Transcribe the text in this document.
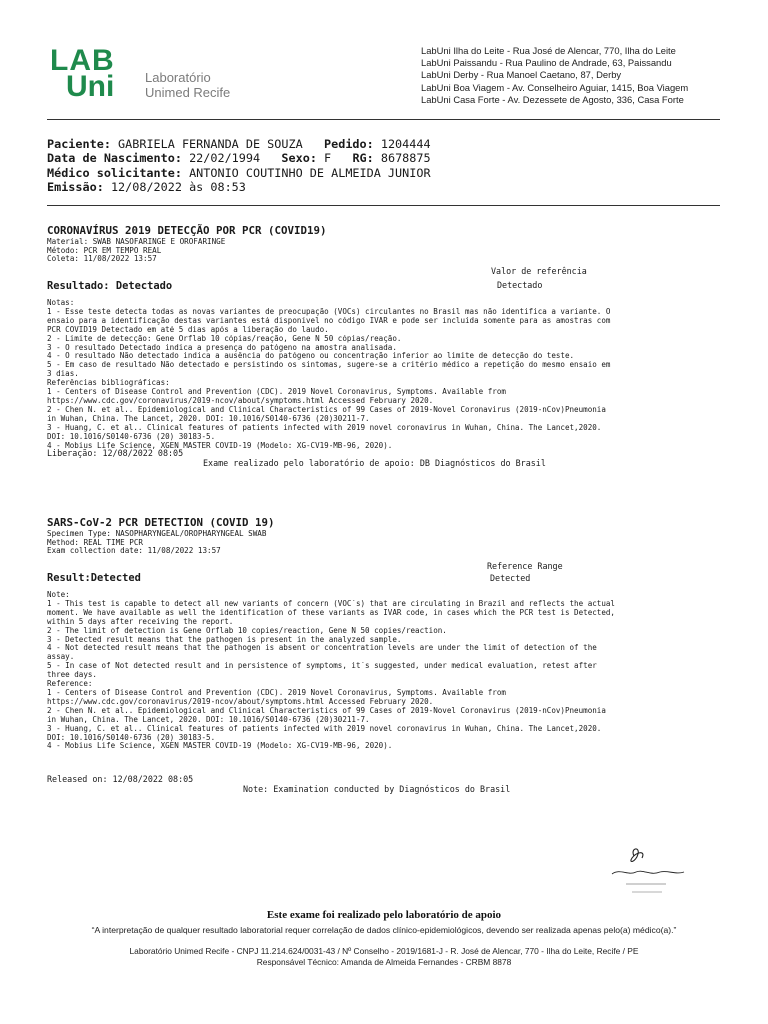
LAB
Uni Laboratório
Unimed Recife
LabUni Ilha do Leite - Rua José de Alencar, 770, Ilha do Leite
LabUni Paissandu - Rua Paulino de Andrade, 63, Paissandu
LabUni Derby - Rua Manoel Caetano, 87, Derby
LabUni Boa Viagem - Av. Conselheiro Aguiar, 1415, Boa Viagem
LabUni Casa Forte - Av. Dezessete de Agosto, 336, Casa Forte
Paciente: GABRIELA FERNANDA DE SOUZA Pedido: 1204444
Data de Nascimento: 22/02/1994 Sexo: F RG: 8678875
Médico solicitante: ANTONIO COUTINHO DE ALMEIDA JUNIOR
Emissão: 12/08/2022 às 08:53
CORONAVÍRUS 2019 DETECÇÃO POR PCR (COVID19)
Material: SWAB NASOFARINGE E OROFARINGE
Método: PCR EM TEMPO REAL
Coleta: 11/08/2022 13:57
Valor de referência
Detectado
Resultado: Detectado
Notas:
1 - Esse teste detecta todas as novas variantes de preocupação (VOCs) circulantes no Brasil mas não identifica a variante. O
ensaio para a identificação destas variantes está disponível no código IVAR e pode ser incluída somente para as amostras com
PCR COVID19 Detectado em até 5 dias após a liberação do laudo.
2 - Limite de detecção: Gene Orflab 10 cópias/reação, Gene N 50 cópias/reação.
3 - O resultado Detectado indica a presença do patógeno na amostra analisada.
4 - O resultado Não detectado indica a ausência do patógeno ou concentração inferior ao limite de detecção do teste.
5 - Em caso de resultado Não detectado e persistindo os sintomas, sugere-se a critério médico a repetição do mesmo ensaio em
3 dias.
Referências bibliográficas:
1 - Centers of Disease Control and Prevention (CDC). 2019 Novel Coronavirus, Symptoms. Available from
https://www.cdc.gov/coronavirus/2019-ncov/about/symptoms.html Accessed February 2020.
2 - Chen N. et al.. Epidemiological and Clinical Characteristics of 99 Cases of 2019-Novel Coronavirus (2019-nCov)Pneumonia
in Wuhan, China. The Lancet, 2020. DOI: 10.1016/S0140-6736 (20)30211-7.
3 - Huang, C. et al.. Clinical features of patients infected with 2019 novel coronavirus in Wuhan, China. The Lancet,2020.
DOI: 10.1016/S0140-6736 (20) 30183-5.
4 - Mobius Life Science, XGEN MASTER COVID-19 (Modelo: XG-CV19-MB-96, 2020).
Liberação: 12/08/2022 08:05
Exame realizado pelo laboratório de apoio: DB Diagnósticos do Brasil
SARS-CoV-2 PCR DETECTION (COVID 19)
Specimen Type: NASOPHARYNGEAL/OROPHARYNGEAL SWAB
Method: REAL TIME PCR
Exam collection date: 11/08/2022 13:57
Reference Range
Detected
Result:Detected
Note:
1 - This test is capable to detect all new variants of concern (VOC´s) that are circulating in Brazil and reflects the actual
moment. We have available as well the identification of these variants as IVAR code, in cases which the PCR test is Detected,
within 5 days after receiving the report.
2 - The limit of detection is Gene Orflab 10 copies/reaction, Gene N 50 copies/reaction.
3 - Detected result means that the pathogen is present in the analyzed sample.
4 - Not detected result means that the pathogen is absent or concentration levels are under the limit of detection of the
assay.
5 - In case of Not detected result and in persistence of symptoms, it´s suggested, under medical evaluation, retest after
three days.
Reference:
1 - Centers of Disease Control and Prevention (CDC). 2019 Novel Coronavirus, Symptoms. Available from
https://www.cdc.gov/coronavirus/2019-ncov/about/symptoms.html Accessed February 2020.
2 - Chen N. et al.. Epidemiological and Clinical Characteristics of 99 Cases of 2019-Novel Coronavirus (2019-nCov)Pneumonia
in Wuhan, China. The Lancet, 2020. DOI: 10.1016/S0140-6736 (20)30211-7.
3 - Huang, C. et al.. Clinical features of patients infected with 2019 novel coronavirus in Wuhan, China. The Lancet,2020.
DOI: 10.1016/S0140-6736 (20) 30183-5.
4 - Mobius Life Science, XGEN MASTER COVID-19 (Modelo: XG-CV19-MB-96, 2020).
Released on: 12/08/2022 08:05
Note: Examination conducted by Diagnósticos do Brasil
Este exame foi realizado pelo laboratório de apoio
“A interpretação de qualquer resultado laboratorial requer correlação de dados clínico-epidemiológicos, devendo ser realizada apenas pelo(a) médico(a).”
Laboratório Unimed Recife - CNPJ 11.214.624/0031-43 / Nº Conselho - 2019/1681-J - R. José de Alencar, 770 - Ilha do Leite, Recife / PE
Responsável Técnico: Amanda de Almeida Fernandes - CRBM 8878
